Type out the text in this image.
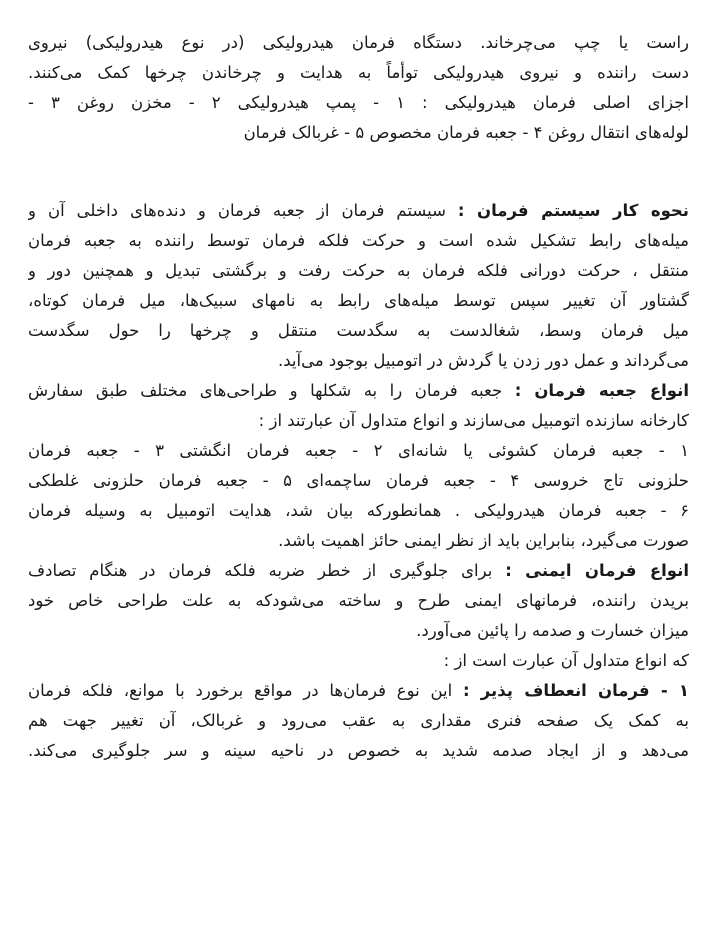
راست یا چپ می‌چرخاند. دستگاه فرمان هیدرولیکی (در نوع هیدرولیکی) نیروی
دست راننده و نیروی هیدرولیکی توأماً به هدایت و چرخاندن چرخها کمک می‌کنند.
اجزای اصلی فرمان هیدرولیکی : ۱ - پمپ هیدرولیکی ۲ - مخزن روغن ۳ -
لوله‌های انتقال روغن ۴ - جعبه فرمان مخصوص ۵ - غربالک فرمان
نحوه کار سیستم فرمان : سیستم فرمان از جعبه فرمان و دنده‌های داخلی آن و
میله‌های رابط تشکیل شده است و حرکت فلکه فرمان توسط راننده به جعبه فرمان
منتقل ، حرکت دورانی فلکه فرمان به حرکت رفت و برگشتی تبدیل و همچنین دور و
گشتاور آن تغییر سپس توسط میله‌های رابط به نامهای سبیک‌ها، میل فرمان کوتاه،
میل فرمان وسط، شغالدست به سگدست منتقل و چرخها را حول سگدست
می‌گرداند و عمل دور زدن یا گردش در اتومبیل بوجود می‌آید.
انواع جعبه فرمان : جعبه فرمان را به شکلها و طراحی‌های مختلف طبق سفارش
کارخانه سازنده اتومبیل می‌سازند و انواع متداول آن عبارتند از :
۱ - جعبه فرمان کشوئی یا شانه‌ای ۲ - جعبه فرمان انگشتی ۳ - جعبه فرمان
حلزونی تاج خروسی ۴ - جعبه فرمان ساچمه‌ای ۵ - جعبه فرمان حلزونی غلطکی
۶ - جعبه فرمان هیدرولیکی . همانطورکه بیان شد، هدایت اتومبیل به وسیله فرمان
صورت می‌گیرد، بنابراین باید از نظر ایمنی حائز اهمیت باشد.
انواع فرمان ایمنی : برای جلوگیری از خطر ضربه فلکه فرمان در هنگام تصادف
بریدن راننده، فرمانهای ایمنی طرح و ساخته می‌شودکه به علت طراحی خاص خود
میزان خسارت و صدمه را پائین می‌آورد.
که انواع متداول آن عبارت است از :
۱ - فرمان انعطاف پذیر : این نوع فرمان‌ها در مواقع برخورد با موانع، فلکه فرمان
به کمک یک صفحه فنری مقداری به عقب می‌رود و غربالک، آن تغییر جهت هم
می‌دهد و از ایجاد صدمه شدید به خصوص در ناحیه سینه و سر جلوگیری می‌کند.
